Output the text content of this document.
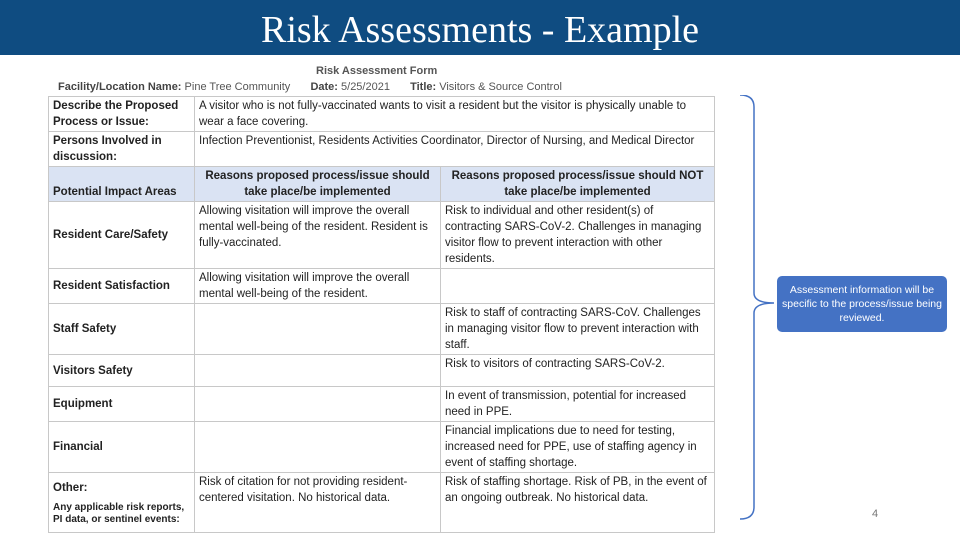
Risk Assessments - Example
Risk Assessment Form
Facility/Location Name: Pine Tree Community Date: 5/25/2021 Title: Visitors & Source Control
Describe the Proposed Process or Issue:	A visitor who is not fully-vaccinated wants to visit a resident but the visitor is physically unable to wear a face covering.	
Persons Involved in discussion:	Infection Preventionist, Residents Activities Coordinator, Director of Nursing, and Medical Director	
Potential Impact Areas	Reasons proposed process/issue should take place/be implemented	Reasons proposed process/issue should NOT take place/be implemented
Resident Care/Safety	Allowing visitation will improve the overall mental well-being of the resident. Resident is fully-vaccinated.	Risk to individual and other resident(s) of contracting SARS-CoV-2. Challenges in managing visitor flow to prevent interaction with other residents.
Resident Satisfaction	Allowing visitation will improve the overall mental well-being of the resident.	
Staff Safety		Risk to staff of contracting SARS-CoV. Challenges in managing visitor flow to prevent interaction with staff.
Visitors Safety		Risk to visitors of contracting SARS-CoV-2.
Equipment		In event of transmission, potential for increased need in PPE.
Financial		Financial implications due to need for testing, increased need for PPE, use of staffing agency in event of staffing shortage.
Other:
Any applicable risk reports, PI data, or sentinel events:	Risk of citation for not providing resident-centered visitation. No historical data.	Risk of staffing shortage. Risk of PB, in the event of an ongoing outbreak. No historical data.
Assessment information will be specific to the process/issue being reviewed.
4
